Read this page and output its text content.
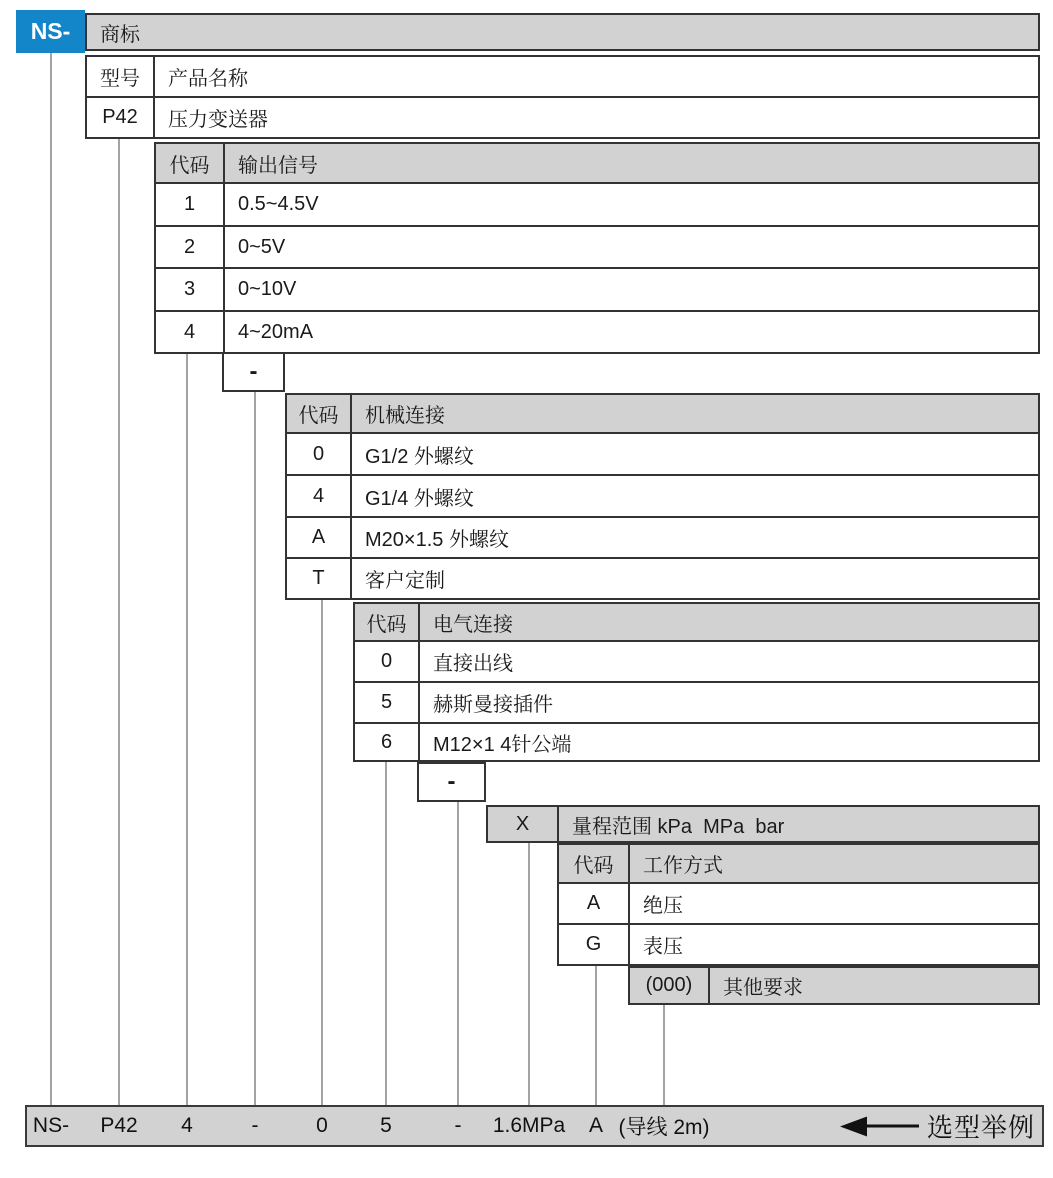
NS-	商标
型号	产品名称
P42	压力变送器
代码	输出信号
1	0.5~4.5V
2	0~5V
3	0~10V
4	4~20mA
-
代码	机械连接
0	G1/2 外螺纹
4	G1/4 外螺纹
A	M20×1.5 外螺纹
T	客户定制
代码	电气连接
0	直接出线
5	赫斯曼接插件
6	M12×1 4针公端
-
X	量程范围 kPa  MPa  bar
代码	工作方式
A	绝压
G	表压
(000)	其他要求
NS- P42 4	-	0 5	- 1.6MPa A (导线 2m)	选型举例
